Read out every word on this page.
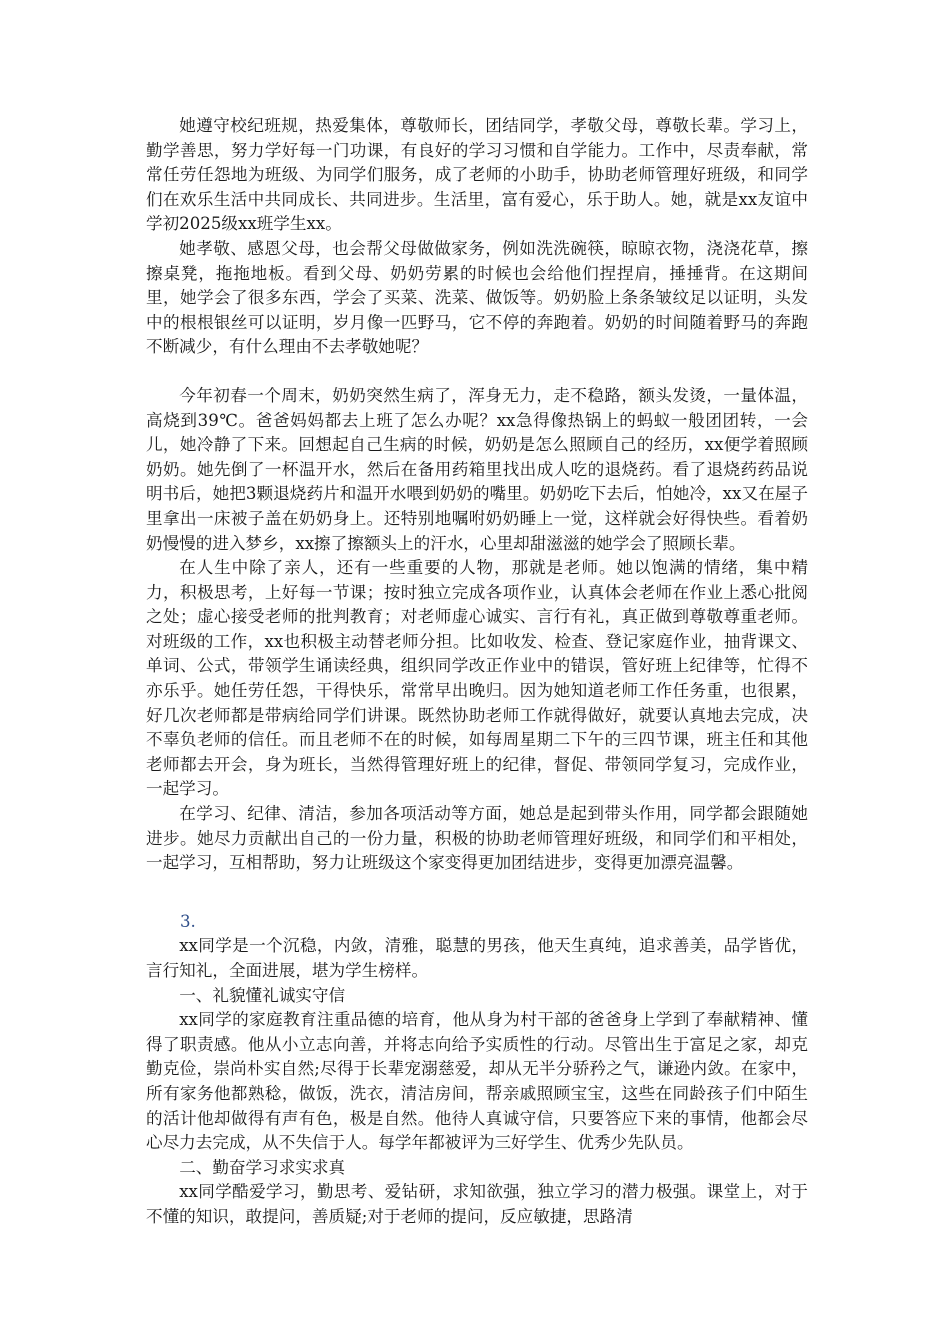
她遵守校纪班规，热爱集体，尊敬师长，团结同学，孝敬父母，尊敬长辈。学习上，勤学善思，努力学好每一门功课，有良好的学习习惯和自学能力。工作中，尽责奉献，常常任劳任怨地为班级、为同学们服务，成了老师的小助手，协助老师管理好班级，和同学们在欢乐生活中共同成长、共同进步。生活里，富有爱心，乐于助人。她，就是xx友谊中学初2025级xx班学生xx。

她孝敬、感恩父母，也会帮父母做做家务，例如洗洗碗筷，晾晾衣物，浇浇花草，擦擦桌凳，拖拖地板。看到父母、奶奶劳累的时候也会给他们捏捏肩，捶捶背。在这期间里，她学会了很多东西，学会了买菜、洗菜、做饭等。奶奶脸上条条皱纹足以证明，头发中的根根银丝可以证明，岁月像一匹野马，它不停的奔跑着。奶奶的时间随着野马的奔跑不断减少，有什么理由不去孝敬她呢？

今年初春一个周末，奶奶突然生病了，浑身无力，走不稳路，额头发烫，一量体温，高烧到39℃。爸爸妈妈都去上班了怎么办呢？xx急得像热锅上的蚂蚁一般团团转，一会儿，她冷静了下来。回想起自己生病的时候，奶奶是怎么照顾自己的经历，xx便学着照顾奶奶。她先倒了一杯温开水，然后在备用药箱里找出成人吃的退烧药。看了退烧药药品说明书后，她把3颗退烧药片和温开水喂到奶奶的嘴里。奶奶吃下去后，怕她冷，xx又在屋子里拿出一床被子盖在奶奶身上。还特别地嘱咐奶奶睡上一觉，这样就会好得快些。看着奶奶慢慢的进入梦乡，xx擦了擦额头上的汗水，心里却甜滋滋的她学会了照顾长辈。

在人生中除了亲人，还有一些重要的人物，那就是老师。她以饱满的情绪，集中精力，积极思考，上好每一节课；按时独立完成各项作业，认真体会老师在作业上悉心批阅之处；虚心接受老师的批判教育；对老师虚心诚实、言行有礼，真正做到尊敬尊重老师。对班级的工作，xx也积极主动替老师分担。比如收发、检查、登记家庭作业，抽背课文、单词、公式，带领学生诵读经典，组织同学改正作业中的错误，管好班上纪律等，忙得不亦乐乎。她任劳任怨，干得快乐，常常早出晚归。因为她知道老师工作任务重，也很累，好几次老师都是带病给同学们讲课。既然协助老师工作就得做好，就要认真地去完成，决不辜负老师的信任。而且老师不在的时候，如每周星期二下午的三四节课，班主任和其他老师都去开会，身为班长，当然得管理好班上的纪律，督促、带领同学复习，完成作业，一起学习。

在学习、纪律、清洁，参加各项活动等方面，她总是起到带头作用，同学都会跟随她进步。她尽力贡献出自己的一份力量，积极的协助老师管理好班级，和同学们和平相处，一起学习，互相帮助，努力让班级这个家变得更加团结进步，变得更加漂亮温馨。

3.

xx同学是一个沉稳，内敛，清雅，聪慧的男孩，他天生真纯，追求善美，品学皆优，言行知礼，全面进展，堪为学生榜样。

一、礼貌懂礼诚实守信

xx同学的家庭教育注重品德的培育，他从身为村干部的爸爸身上学到了奉献精神、懂得了职责感。他从小立志向善，并将志向给予实质性的行动。尽管出生于富足之家，却克勤克俭，崇尚朴实自然;尽得于长辈宠溺慈爱，却从无半分骄矜之气，谦逊内敛。在家中，所有家务他都熟稔，做饭，洗衣，清洁房间，帮亲戚照顾宝宝，这些在同龄孩子们中陌生的活计他却做得有声有色，极是自然。他待人真诚守信，只要答应下来的事情，他都会尽心尽力去完成，从不失信于人。每学年都被评为三好学生、优秀少先队员。

二、勤奋学习求实求真

xx同学酷爱学习，勤思考、爱钻研，求知欲强，独立学习的潜力极强。课堂上，对于不懂的知识，敢提问，善质疑;对于老师的提问，反应敏捷，思路清
